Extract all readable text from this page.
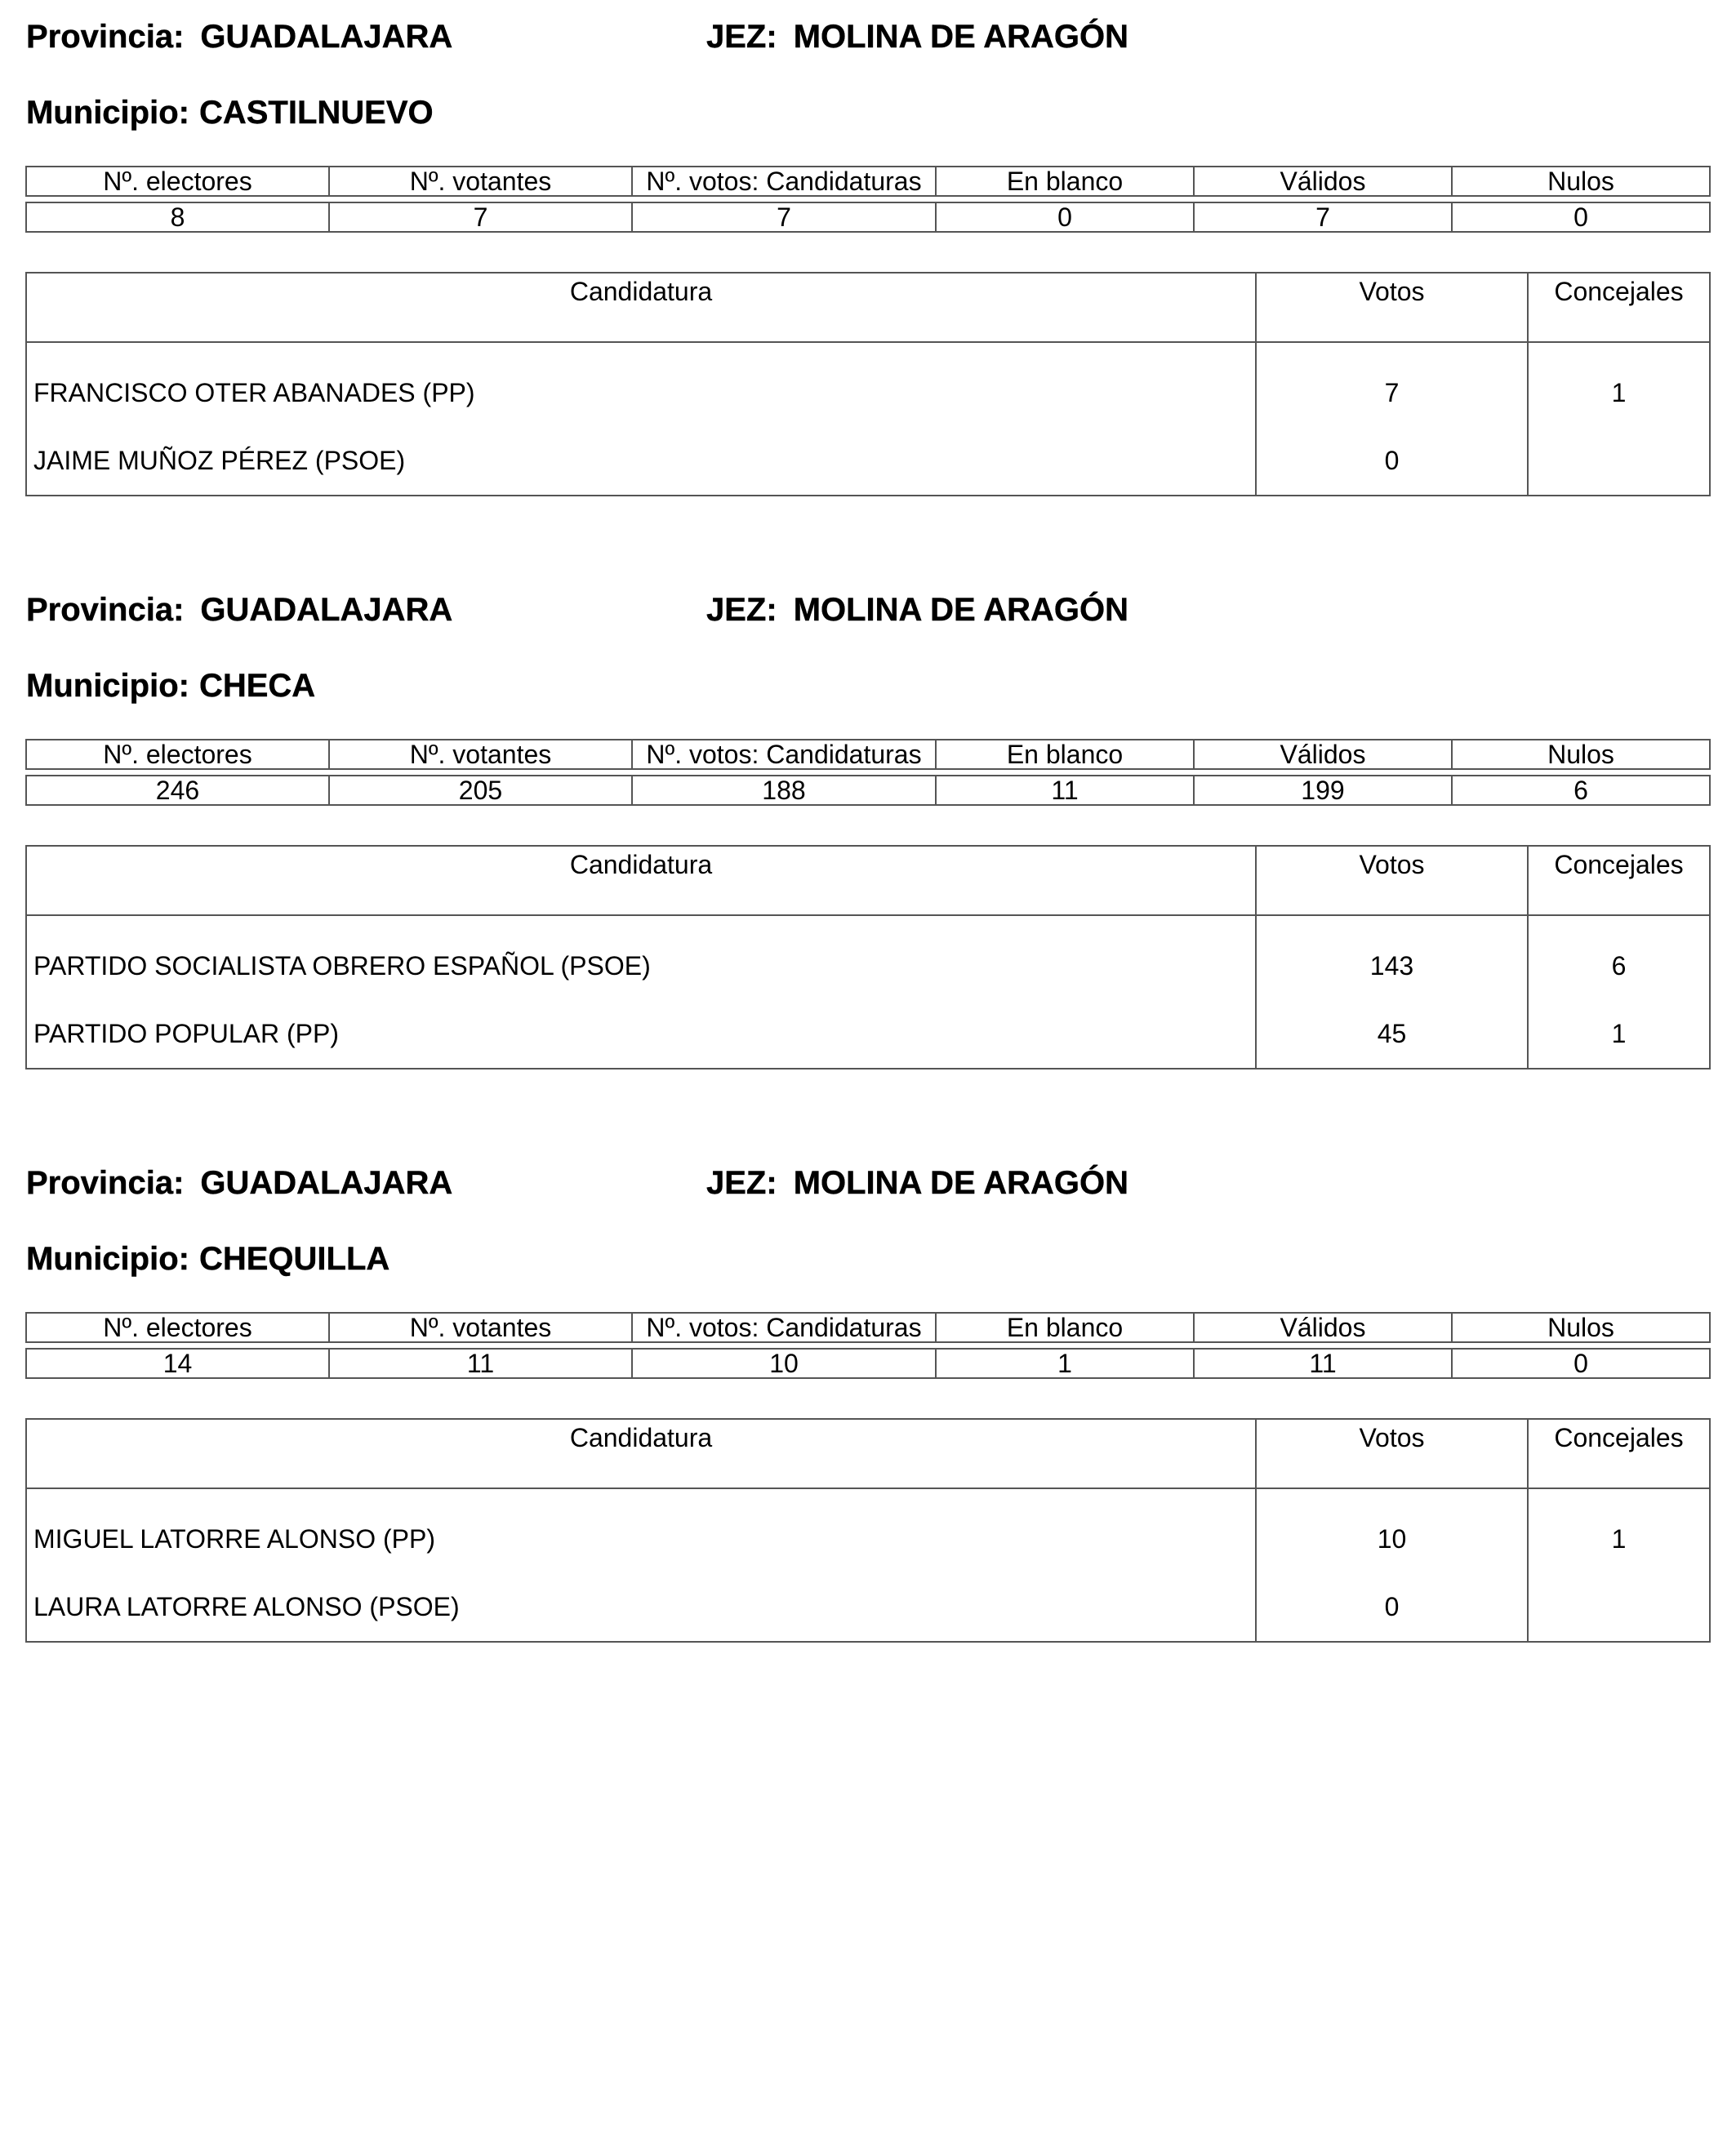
Provincia: GUADALAJARA	JEZ: MOLINA DE ARAGÓN
Municipio: CASTILNUEVO
Nº. electores	Nº. votantes	Nº. votos: Candidaturas	En blanco	Válidos	Nulos

8	7	7	0	7	0
Candidatura	Votos	Concejales
FRANCISCO OTER ABANADES (PP)	7	1
JAIME MUÑOZ PÉREZ (PSOE)	0	
Provincia: GUADALAJARA	JEZ: MOLINA DE ARAGÓN
Municipio: CHECA
Nº. electores	Nº. votantes	Nº. votos: Candidaturas	En blanco	Válidos	Nulos

246	205	188	11	199	6
Candidatura	Votos	Concejales
PARTIDO SOCIALISTA OBRERO ESPAÑOL (PSOE)	143	6
PARTIDO POPULAR (PP)	45	1
Provincia: GUADALAJARA	JEZ: MOLINA DE ARAGÓN
Municipio: CHEQUILLA
Nº. electores	Nº. votantes	Nº. votos: Candidaturas	En blanco	Válidos	Nulos

14	11	10	1	11	0
Candidatura	Votos	Concejales
MIGUEL LATORRE ALONSO (PP)	10	1
LAURA LATORRE ALONSO (PSOE)	0	
